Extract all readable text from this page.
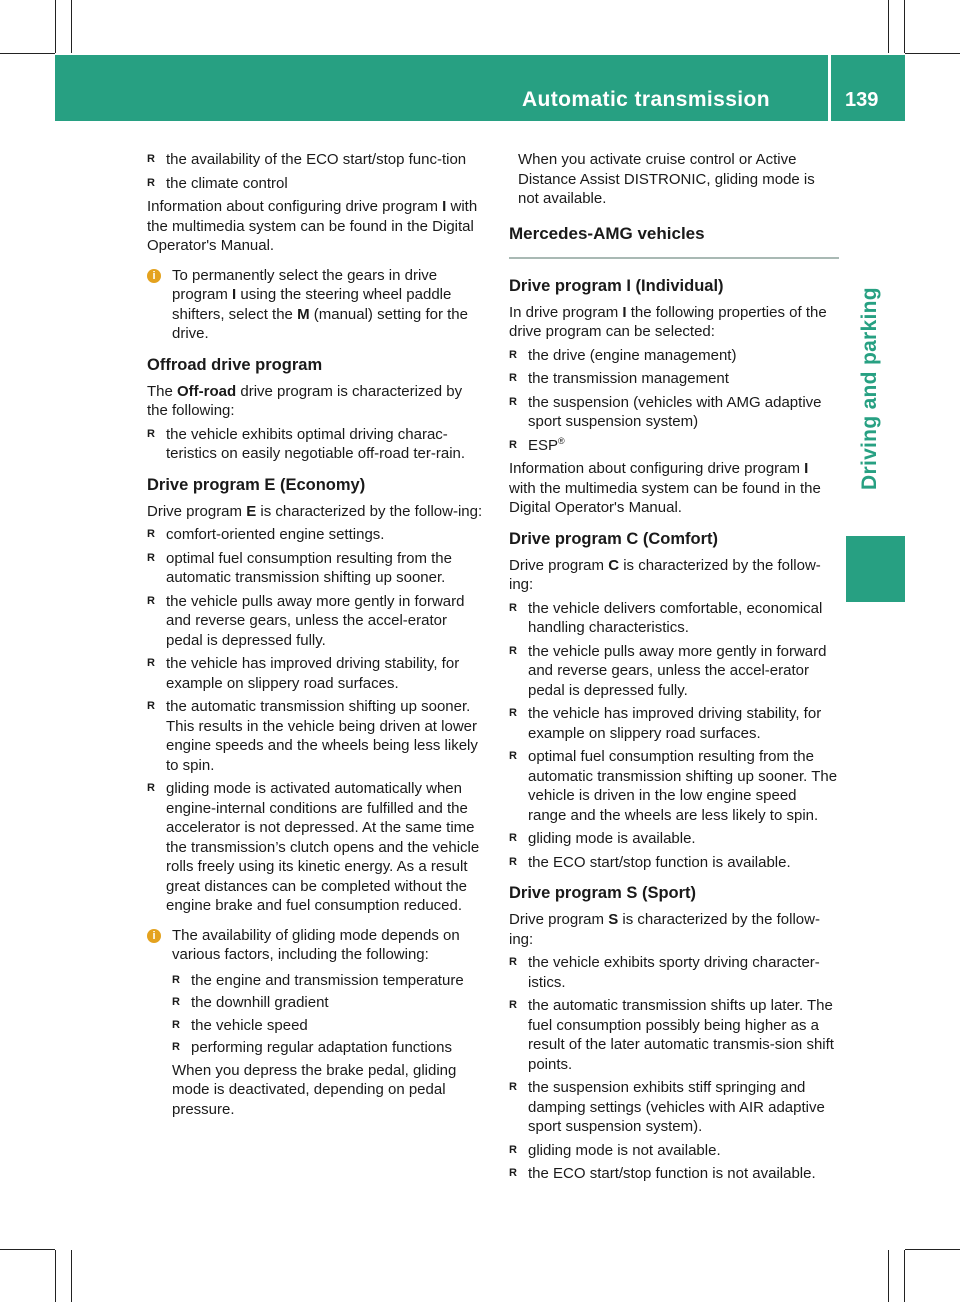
Automatic transmission	139
Driving and parking
R the availability of the ECO start/stop func-tion
R the climate control

Information about configuring drive program I with the multimedia system can be found in the Digital Operator's Manual.

i	To permanently select the gears in drive program I using the steering wheel paddle shifters, select the M (manual) setting for the drive.
Offroad drive program

The Off-road drive program is characterized by the following:

R the vehicle exhibits optimal driving charac-teristics on easily negotiable off-road ter-rain.
Drive program E (Economy)

Drive program E is characterized by the follow-ing:

R comfort-oriented engine settings.
R optimal fuel consumption resulting from the automatic transmission shifting up sooner.
R the vehicle pulls away more gently in forward and reverse gears, unless the accel-erator pedal is depressed fully.
R the vehicle has improved driving stability, for example on slippery road surfaces.
R the automatic transmission shifting up sooner. This results in the vehicle being driven at lower engine speeds and the wheels being less likely to spin.
R gliding mode is activated automatically when engine-internal conditions are fulfilled and the accelerator is not depressed. At the same time the transmission’s clutch opens and the vehicle rolls freely using its kinetic energy. As a result great distances can be completed without the engine brake and fuel consumption reduced.
i	The availability of gliding mode depends on various factors, including the following:
R the engine and transmission temperature
R the downhill gradient
R the vehicle speed
R performing regular adaptation functions

When you depress the brake pedal, gliding mode is deactivated, depending on pedal pressure.

When you activate cruise control or Active Distance Assist DISTRONIC, gliding mode is not available.

Mercedes-AMG vehicles
Drive program I (Individual)

In drive program I the following properties of the drive program can be selected:

R the drive (engine management)
R the transmission management
R the suspension (vehicles with AMG adaptive sport suspension system)
R ESP®

Information about configuring drive program I with the multimedia system can be found in the Digital Operator's Manual.

Drive program C (Comfort)

Drive program C is characterized by the follow-ing:

R the vehicle delivers comfortable, economical handling characteristics.
R the vehicle pulls away more gently in forward and reverse gears, unless the accel-erator pedal is depressed fully.
R the vehicle has improved driving stability, for example on slippery road surfaces.
R optimal fuel consumption resulting from the automatic transmission shifting up sooner. The vehicle is driven in the low engine speed range and the wheels are less likely to spin.
R gliding mode is available.
R the ECO start/stop function is available.
Drive program S (Sport)

Drive program S is characterized by the follow-ing:

R the vehicle exhibits sporty driving character-istics.
R the automatic transmission shifts up later. The fuel consumption possibly being higher as a result of the later automatic transmis-sion shift points.
R the suspension exhibits stiff springing and damping settings (vehicles with AIR adaptive sport suspension system).
R gliding mode is not available.
R the ECO start/stop function is not available.
